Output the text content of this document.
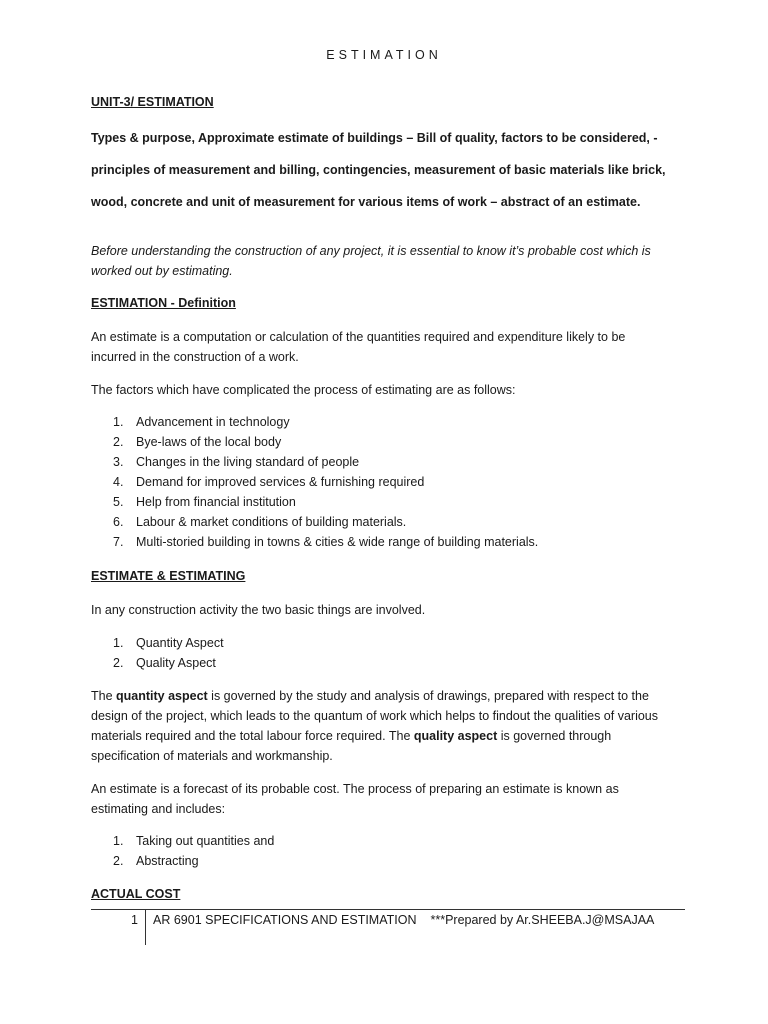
ESTIMATION
UNIT-3/ ESTIMATION
Types & purpose, Approximate estimate of buildings – Bill of quality, factors to be considered, -
principles of measurement and billing, contingencies, measurement of basic materials like brick,
wood, concrete and unit of measurement for various items of work – abstract of an estimate.
Before understanding the construction of any project, it is essential to know it’s probable cost which is
worked out by estimating.
ESTIMATION - Definition
An estimate is a computation or calculation of the quantities required and expenditure likely to be
incurred in the construction of a work.
The factors which have complicated the process of estimating are as follows:
1. Advancement in technology
2. Bye-laws of the local body
3. Changes in the living standard of people
4. Demand for improved services & furnishing required
5. Help from financial institution
6. Labour & market conditions of building materials.
7. Multi-storied building in towns & cities & wide range of building materials.
ESTIMATE & ESTIMATING
In any construction activity the two basic things are involved.
1. Quantity Aspect
2. Quality Aspect
The quantity aspect is governed by the study and analysis of drawings, prepared with respect to the
design of the project, which leads to the quantum of work which helps to findout the qualities of various
materials required and the total labour force required. The quality aspect is governed through
specification of materials and workmanship.
An estimate is a forecast of its probable cost. The process of preparing an estimate is known as
estimating and includes:
1. Taking out quantities and
2. Abstracting
ACTUAL COST
1 AR 6901 SPECIFICATIONS AND ESTIMATION ***Prepared by Ar.SHEEBA.J@MSAJAA
